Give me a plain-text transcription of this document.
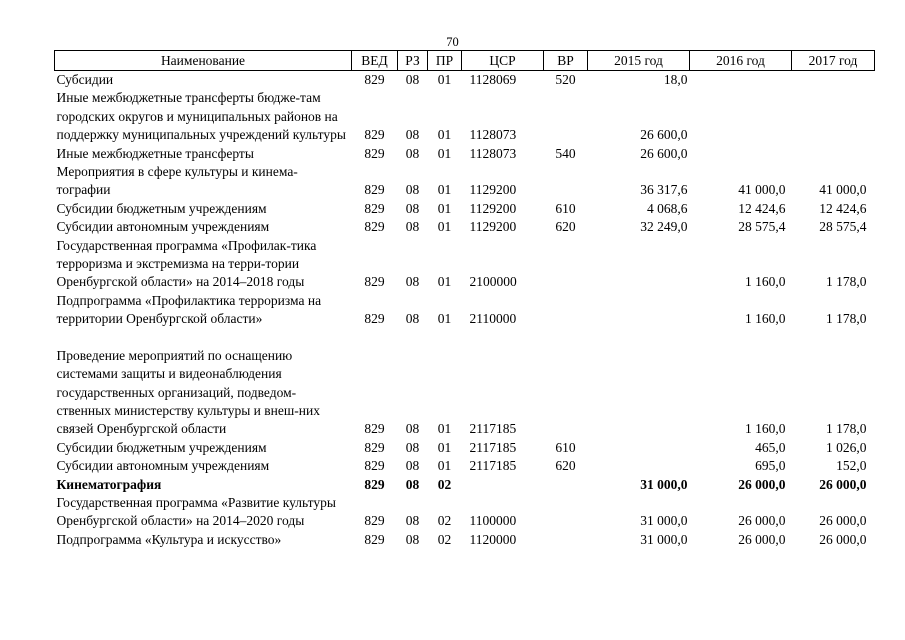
70
Наименование	ВЕД	РЗ	ПР	ЦСР	ВР	2015 год	2016 год	2017 год
Субсидии	829	08	01	1128069	520	18,0		
Иные межбюджетные трансферты бюдже-там городских округов и муниципальных районов на поддержку муниципальных учреждений культуры	829	08	01	1128073		26 600,0		
Иные межбюджетные трансферты	829	08	01	1128073	540	26 600,0		
Мероприятия в сфере культуры и кинема-тографии	829	08	01	1129200		36 317,6	41 000,0	41 000,0
Субсидии бюджетным учреждениям	829	08	01	1129200	610	4 068,6	12 424,6	12 424,6
Субсидии автономным учреждениям	829	08	01	1129200	620	32 249,0	28 575,4	28 575,4
Государственная программа «Профилак-тика терроризма и экстремизма на терри-тории Оренбургской области» на 2014–2018 годы	829	08	01	2100000			1 160,0	1 178,0
Подпрограмма «Профилактика терроризма на территории Оренбургской области»	829	08	01	2110000			1 160,0	1 178,0
Проведение мероприятий по оснащению системами защиты и видеонаблюдения государственных организаций, подведом-ственных министерству культуры и внеш-них связей Оренбургской области	829	08	01	2117185			1 160,0	1 178,0
Субсидии бюджетным учреждениям	829	08	01	2117185	610		465,0	1 026,0
Субсидии автономным учреждениям	829	08	01	2117185	620		695,0	152,0
Кинематография	829	08	02			31 000,0	26 000,0	26 000,0
Государственная программа «Развитие культуры Оренбургской области» на 2014–2020 годы	829	08	02	1100000		31 000,0	26 000,0	26 000,0
Подпрограмма «Культура и искусство»	829	08	02	1120000		31 000,0	26 000,0	26 000,0
